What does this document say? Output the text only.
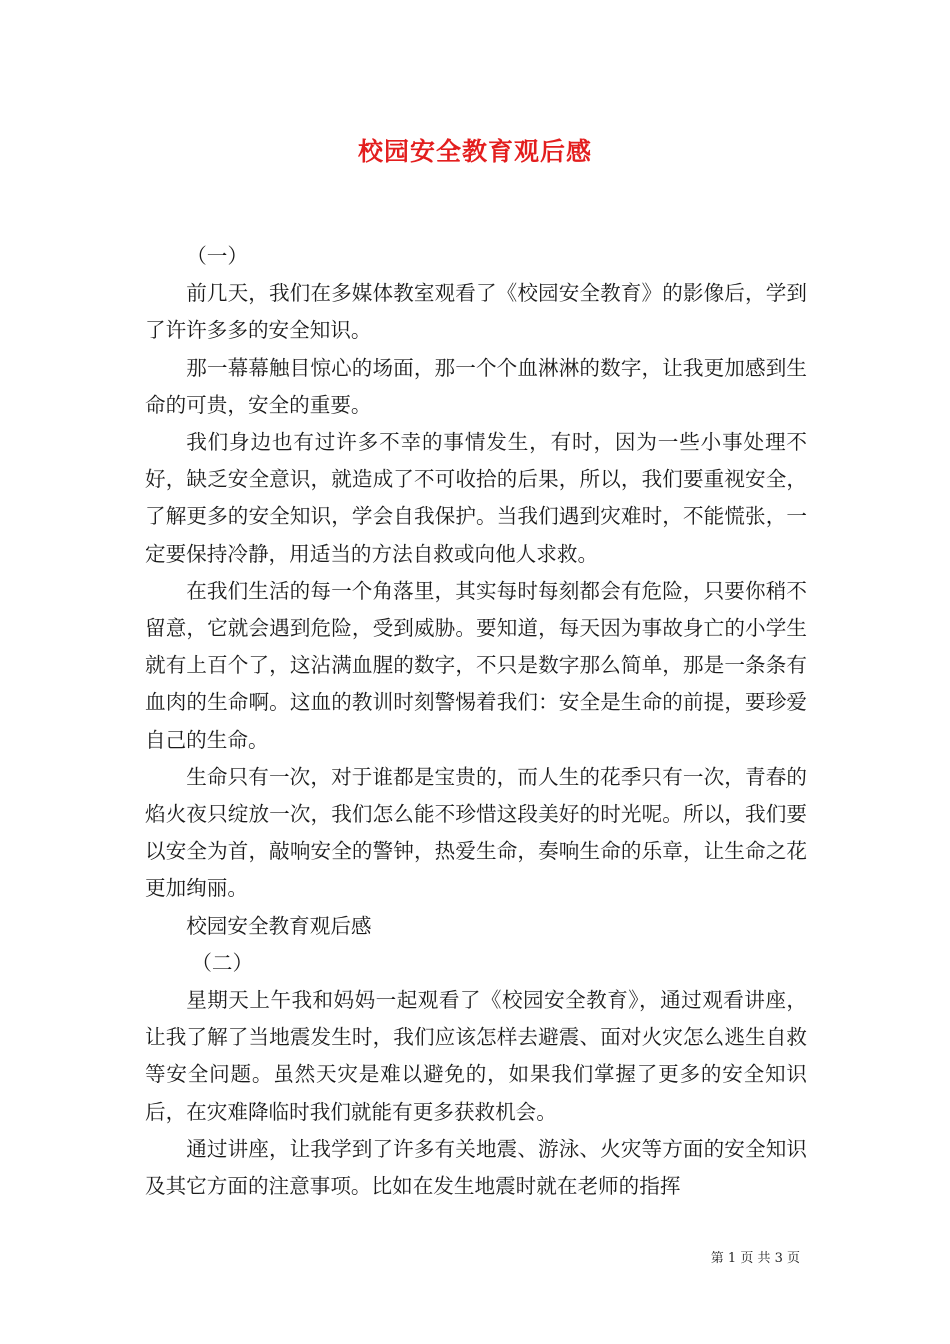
校园安全教育观后感

（一）

前几天，我们在多媒体教室观看了《校园安全教育》的影像后，学到了许许多多的安全知识。

那一幕幕触目惊心的场面，那一个个血淋淋的数字，让我更加感到生命的可贵，安全的重要。

我们身边也有过许多不幸的事情发生，有时，因为一些小事处理不好，缺乏安全意识，就造成了不可收拾的后果，所以，我们要重视安全，了解更多的安全知识，学会自我保护。当我们遇到灾难时，不能慌张，一定要保持冷静，用适当的方法自救或向他人求救。

在我们生活的每一个角落里，其实每时每刻都会有危险，只要你稍不留意，它就会遇到危险，受到威胁。要知道，每天因为事故身亡的小学生就有上百个了，这沾满血腥的数字，不只是数字那么简单，那是一条条有血肉的生命啊。这血的教训时刻警惕着我们：安全是生命的前提，要珍爱自己的生命。

生命只有一次，对于谁都是宝贵的，而人生的花季只有一次，青春的焰火夜只绽放一次，我们怎么能不珍惜这段美好的时光呢。所以，我们要以安全为首，敲响安全的警钟，热爱生命，奏响生命的乐章，让生命之花更加绚丽。

校园安全教育观后感

（二）

星期天上午我和妈妈一起观看了《校园安全教育》，通过观看讲座，让我了解了当地震发生时，我们应该怎样去避震、面对火灾怎么逃生自救等安全问题。虽然天灾是难以避免的，如果我们掌握了更多的安全知识后，在灾难降临时我们就能有更多获救机会。

通过讲座，让我学到了许多有关地震、游泳、火灾等方面的安全知识及其它方面的注意事项。比如在发生地震时就在老师的指挥

第 1 页 共 3 页
